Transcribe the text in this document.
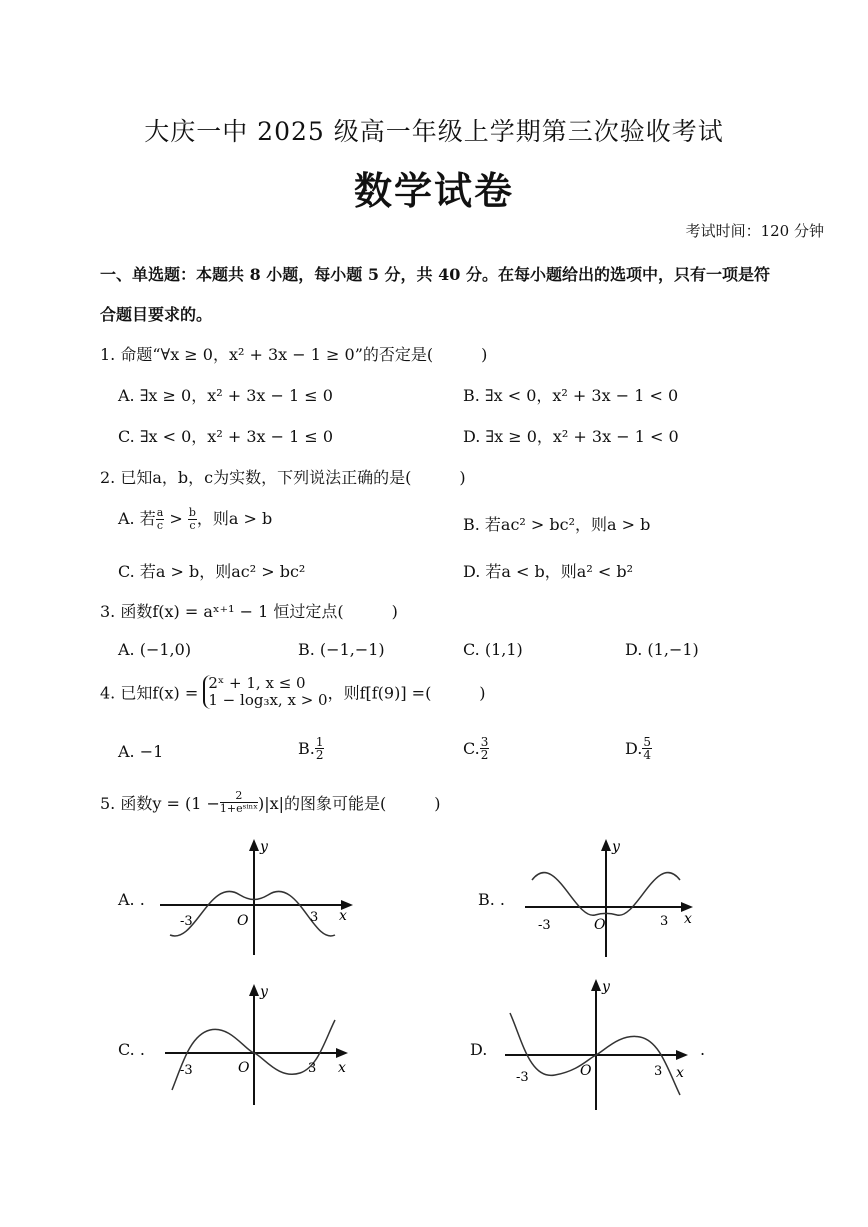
大庆一中 2025 级高一年级上学期第三次验收考试
数学试卷
考试时间：120 分钟
一、单选题：本题共 8 小题，每小题 5 分，共 40 分。在每小题给出的选项中，只有一项是符
合题目要求的。
1. 命题“∀x ≥ 0，x² + 3x − 1 ≥ 0”的否定是(　　　)
A. ∃x ≥ 0，x² + 3x − 1 ≤ 0	B. ∃x < 0，x² + 3x − 1 < 0
C. ∃x < 0，x² + 3x − 1 ≤ 0	D. ∃x ≥ 0，x² + 3x − 1 < 0
2. 已知a，b，c为实数，下列说法正确的是(　　　)
A. 若 $\frac{a}{c} > \frac{b}{c}$ ，则a > b	B. 若ac² > bc²，则a > b
C. 若a > b，则ac² > bc²	D. 若a < b，则a² < b²
3. 函数f(x) = aˣ⁺¹ − 1 恒过定点(　　　)
A. (−1,0)	B. (−1,−1)	C. (1,1)	D. (1,−1)
4. 已知f(x) =
2ˣ + 1, x ≤ 0
1 − log₃x, x > 0 ，则f[f(9)] =(　　　)
A. −1	B. $\frac{1}{2}$	C. $\frac{3}{2}$	D. $\frac{5}{4}$
5. 函数$y = (1 - \frac{2}{\text{1+eˢⁱⁿˣ}} )|x|$的图象可能是(　　　)
A. .	B. .
C. .	D.	.
y
x
O
-3	3
y
x
O
-3	3
y
x
O
-3	3
y
x
O
-3	3
